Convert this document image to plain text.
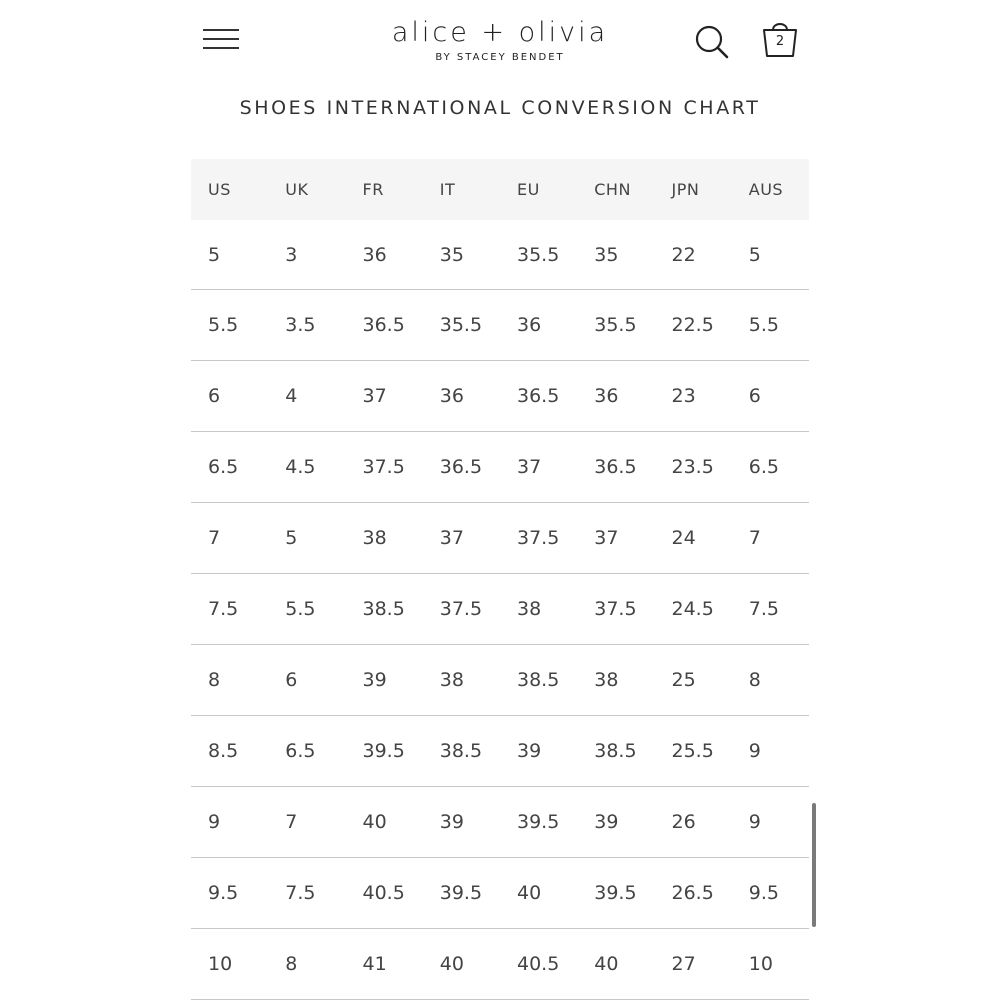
alice + olivia
BY STACEY BENDET
2
SHOES INTERNATIONAL CONVERSION CHART
US	UK	FR	IT	EU	CHN	JPN	AUS
5	3	36	35	35.5	35	22	5
5.5	3.5	36.5	35.5	36	35.5	22.5	5.5
6	4	37	36	36.5	36	23	6
6.5	4.5	37.5	36.5	37	36.5	23.5	6.5
7	5	38	37	37.5	37	24	7
7.5	5.5	38.5	37.5	38	37.5	24.5	7.5
8	6	39	38	38.5	38	25	8
8.5	6.5	39.5	38.5	39	38.5	25.5	9
9	7	40	39	39.5	39	26	9
9.5	7.5	40.5	39.5	40	39.5	26.5	9.5
10	8	41	40	40.5	40	27	10
